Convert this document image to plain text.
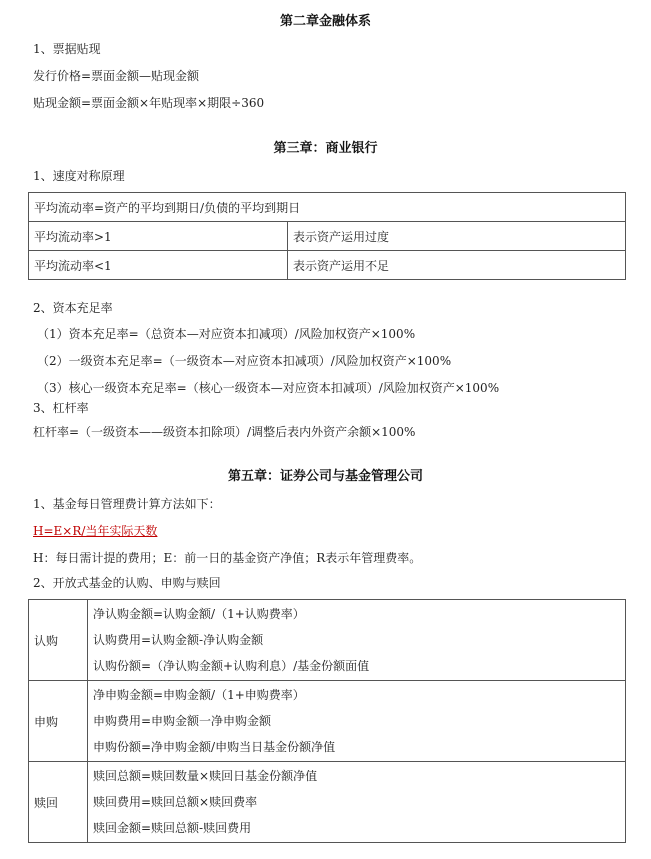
第二章金融体系
1、票据贴现
发行价格=票面金额—贴现金额
贴现金额=票面金额×年贴现率×期限÷360
第三章：商业银行
1、速度对称原理
平均流动率=资产的平均到期日/负债的平均到期日	
平均流动率>1	表示资产运用过度
平均流动率<1	表示资产运用不足
2、资本充足率
（1）资本充足率=（总资本—对应资本扣减项）/风险加权资产×100%
（2）一级资本充足率=（一级资本—对应资本扣减项）/风险加权资产×100%
（3）核心一级资本充足率=（核心一级资本—对应资本扣减项）/风险加权资产×100%
3、杠杆率
杠杆率=（一级资本——级资本扣除项）/调整后表内外资产余额×100%
第五章：证券公司与基金管理公司
1、基金每日管理费计算方法如下：
H=E×R/当年实际天数
H：每日需计提的费用；E：前一日的基金资产净值；R表示年管理费率。
2、开放式基金的认购、申购与赎回
认购	净认购金额=认购金额/（1+认购费率）
认购费用=认购金额-净认购金额
认购份额=（净认购金额+认购利息）/基金份额面值

申购	净申购金额=申购金额/（1+申购费率）
申购费用=申购金额一净申购金额
申购份额=净申购金额/申购当日基金份额净值

赎回	赎回总额=赎回数量×赎回日基金份额净值
赎回费用=赎回总额×赎回费率
赎回金额=赎回总额-赎回费用
